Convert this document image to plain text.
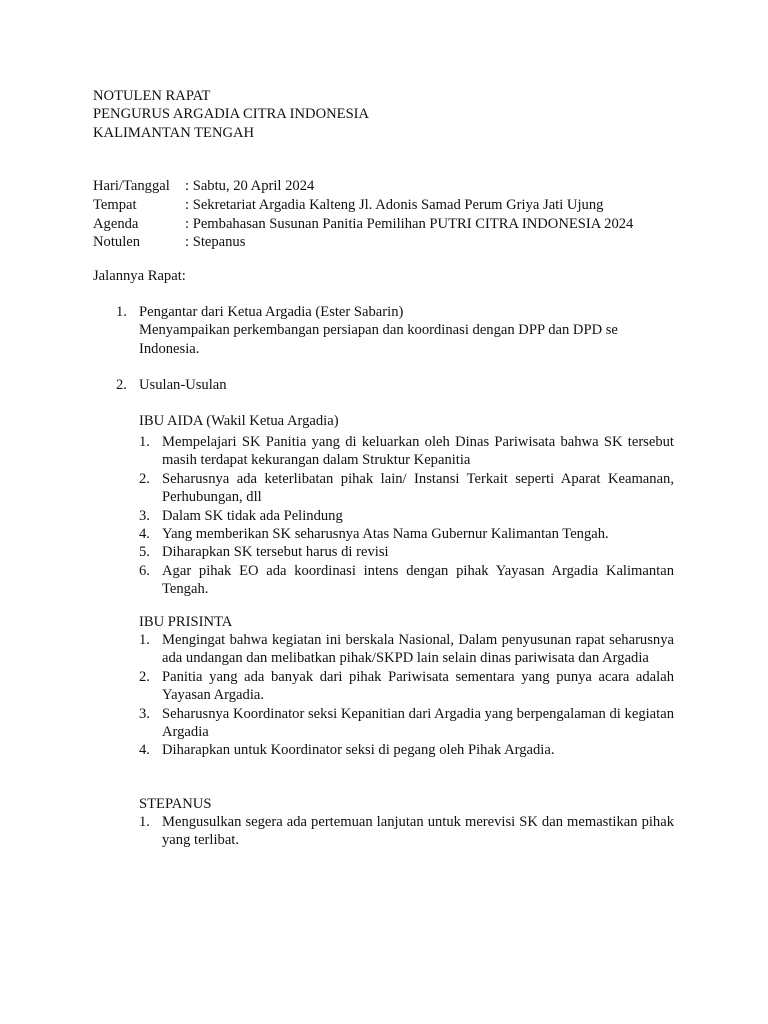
NOTULEN RAPAT
PENGURUS ARGADIA CITRA INDONESIA
KALIMANTAN TENGAH
Hari/Tanggal	: Sabtu, 20 April 2024
Tempat	: Sekretariat Argadia Kalteng Jl. Adonis Samad Perum Griya Jati Ujung
Agenda	: Pembahasan Susunan Panitia Pemilihan PUTRI CITRA INDONESIA 2024
Notulen	: Stepanus
Jalannya Rapat:
1. Pengantar dari Ketua Argadia (Ester Sabarin)
Menyampaikan perkembangan persiapan dan koordinasi dengan DPP dan DPD se Indonesia.
2. Usulan-Usulan
IBU AIDA (Wakil Ketua Argadia)
1. Mempelajari SK Panitia yang di keluarkan oleh Dinas Pariwisata bahwa SK tersebut masih terdapat kekurangan dalam Struktur Kepanitia
2. Seharusnya ada keterlibatan pihak lain/ Instansi Terkait seperti Aparat Keamanan, Perhubungan, dll
3. Dalam SK tidak ada Pelindung
4. Yang memberikan SK seharusnya Atas Nama Gubernur Kalimantan Tengah.
5. Diharapkan SK tersebut harus di revisi
6. Agar pihak EO ada koordinasi intens dengan pihak Yayasan Argadia Kalimantan Tengah.
IBU PRISINTA
1. Mengingat bahwa kegiatan ini berskala Nasional, Dalam penyusunan rapat seharusnya ada undangan dan melibatkan pihak/SKPD lain selain dinas pariwisata dan Argadia
2. Panitia yang ada banyak dari pihak Pariwisata sementara yang punya acara adalah Yayasan Argadia.
3. Seharusnya Koordinator seksi Kepanitian dari Argadia yang berpengalaman di kegiatan Argadia
4. Diharapkan untuk Koordinator seksi di pegang oleh Pihak Argadia.
STEPANUS
1. Mengusulkan segera ada pertemuan lanjutan untuk merevisi SK dan memastikan pihak yang terlibat.
